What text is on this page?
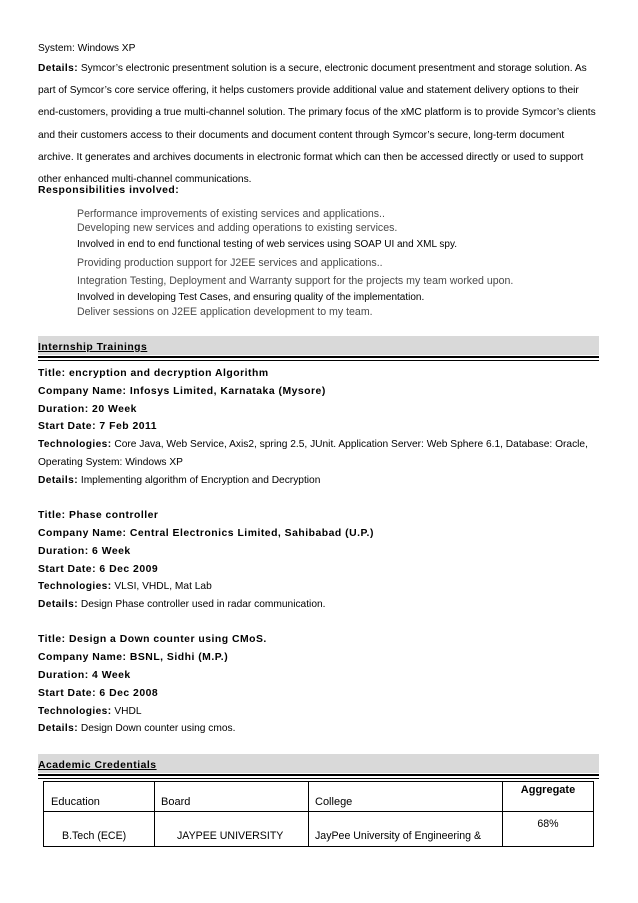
System: Windows XP
Details: Symcor’s electronic presentment solution is a secure, electronic document presentment and storage solution. As
part of Symcor’s core service offering, it helps customers provide additional value and statement delivery options to their
end-customers, providing a true multi-channel solution. The primary focus of the xMC platform is to provide Symcor’s clients
and their customers access to their documents and document content through Symcor’s secure, long-term document
archive. It generates and archives documents in electronic format which can then be accessed directly or used to support
other enhanced multi-channel communications.
Responsibilities involved:
Performance improvements of existing services and applications..
Developing new services and adding operations to existing services.
Involved in end to end functional testing of web services using SOAP UI and XML spy.
Providing production support for J2EE services and applications..
Integration Testing, Deployment and Warranty support for the projects my team worked upon.
Involved in developing Test Cases, and ensuring quality of the implementation.
Deliver sessions on J2EE application development to my team.
Internship Trainings
Title: encryption and decryption Algorithm
Company Name: Infosys Limited, Karnataka (Mysore)
Duration: 20 Week
Start Date: 7 Feb 2011
Technologies: Core Java, Web Service, Axis2, spring 2.5, JUnit. Application Server: Web Sphere 6.1, Database: Oracle,
Operating System: Windows XP
Details: Implementing algorithm of Encryption and Decryption
Title: Phase controller
Company Name: Central Electronics Limited, Sahibabad (U.P.)
Duration: 6 Week
Start Date: 6 Dec 2009
Technologies: VLSI, VHDL, Mat Lab
Details: Design Phase controller used in radar communication.
Title: Design a Down counter using CMoS.
Company Name: BSNL, Sidhi (M.P.)
Duration: 4 Week
Start Date: 6 Dec 2008
Technologies: VHDL
Details: Design Down counter using cmos.
Academic Credentials
Education	Board	College	Aggregate

B.Tech (ECE)	JAYPEE UNIVERSITY	JayPee University of Engineering &	68%
